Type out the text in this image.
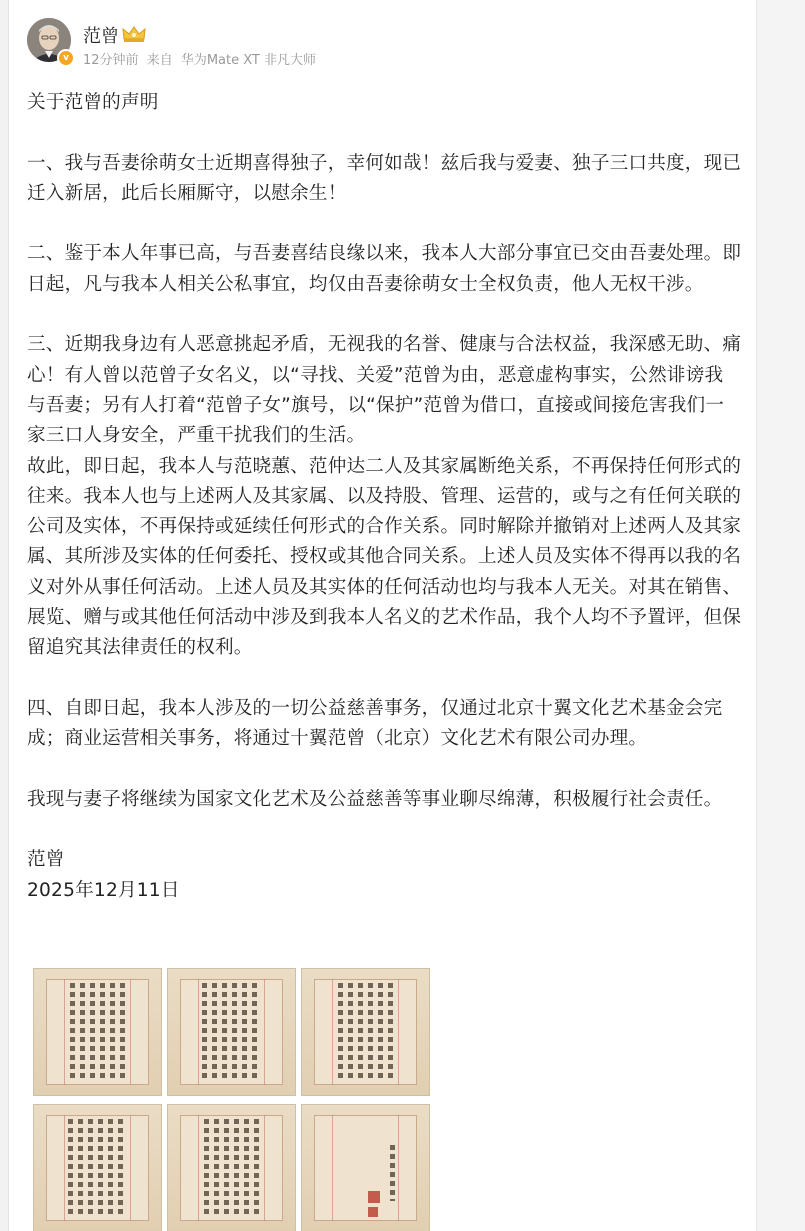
v
范曾
12分钟前 来自 华为Mate XT 非凡大师

关于范曾的声明

一、我与吾妻徐萌女士近期喜得独子，幸何如哉！兹后我与爱妻、独子三口共度，现已迁入新居，此后长厢厮守，以慰余生！

二、鉴于本人年事已高，与吾妻喜结良缘以来，我本人大部分事宜已交由吾妻处理。即日起，凡与我本人相关公私事宜，均仅由吾妻徐萌女士全权负责，他人无权干涉。

三、近期我身边有人恶意挑起矛盾，无视我的名誉、健康与合法权益，我深感无助、痛心！有人曾以范曾子女名义，以“寻找、关爱”范曾为由，恶意虚构事实，公然诽谤我与吾妻；另有人打着“范曾子女”旗号，以“保护”范曾为借口，直接或间接危害我们一家三口人身安全，严重干扰我们的生活。

故此，即日起，我本人与范晓蕙、范仲达二人及其家属断绝关系，不再保持任何形式的往来。我本人也与上述两人及其家属、以及持股、管理、运营的，或与之有任何关联的公司及实体，不再保持或延续任何形式的合作关系。同时解除并撤销对上述两人及其家属、其所涉及实体的任何委托、授权或其他合同关系。上述人员及实体不得再以我的名义对外从事任何活动。上述人员及其实体的任何活动也均与我本人无关。对其在销售、展览、赠与或其他任何活动中涉及到我本人名义的艺术作品，我个人均不予置评，但保留追究其法律责任的权利。

四、自即日起，我本人涉及的一切公益慈善事务，仅通过北京十翼文化艺术基金会完成；商业运营相关事务，将通过十翼范曾（北京）文化艺术有限公司办理。

我现与妻子将继续为国家文化艺术及公益慈善等事业聊尽绵薄，积极履行社会责任。

范曾

2025年12月11日
